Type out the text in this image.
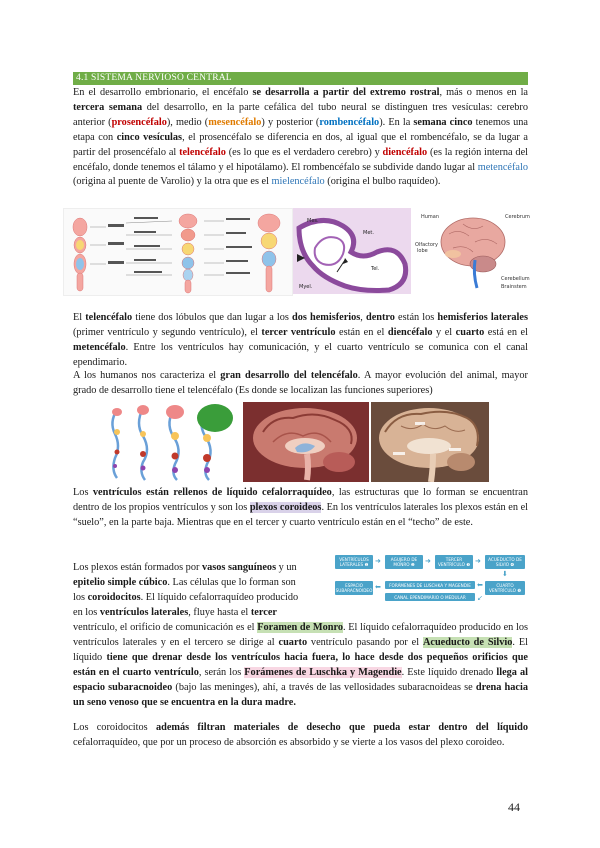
4.1 SISTEMA NERVIOSO CENTRAL

En el desarrollo embrionario, el encéfalo se desarrolla a partir del extremo rostral, más o menos en la tercera semana del desarrollo, en la parte cefálica del tubo neural se distinguen tres vesículas: cerebro anterior (prosencéfalo), medio (mesencéfalo) y posterior (rombencéfalo). En la semana cinco tenemos una etapa con cinco vesículas, el prosencéfalo se diferencia en dos, al igual que el rombencéfalo, se da lugar a partir del prosencéfalo al telencéfalo (es lo que es el verdadero cerebro) y diencéfalo (es la región interna del encéfalo, donde tenemos el tálamo y el hipotálamo). El rombencéfalo se subdivide dando lugar al metencéfalo (origina al puente de Varolio) y la otra que es el mielencéfalo (origina el bulbo raquídeo).

Mes.
Met.
Tel.
Myel.
Human	Cerebrum
Olfactory
lobe
Cerebellum
Brainstem

El telencéfalo tiene dos lóbulos que dan lugar a los dos hemisferios, dentro están los hemisferios laterales (primer ventrículo y segundo ventrículo), el tercer ventrículo están en el diencéfalo y el cuarto está en el metencéfalo. Entre los ventrículos hay comunicación, y el cuarto ventrículo se comunica con el canal ependimario.

A los humanos nos caracteriza el gran desarrollo del telencéfalo. A mayor evolución del animal, mayor grado de desarrollo tiene el telencéfalo (Es donde se localizan las funciones superiores)

Los ventrículos están rellenos de líquido cefalorraquídeo, las estructuras que lo forman se encuentran dentro de los propios ventrículos y son los plexos coroideos. En los ventrículos laterales los plexos están en el “suelo”, en la parte baja. Mientras que en el tercer y cuarto ventrículo están en el “techo” de este.

Los plexos están formados por vasos sanguíneos y un
epitelio simple cúbico. Las células que lo forman son
los coroidocitos. El líquido cefalorraquídeo producido
en los ventrículos laterales, fluye hasta el tercer
VENTRÍCULOS LATERALES ❶ ➜	AGUJERO DE MONRO ❷	➜	TERCER VENTRÍCULO ❸ ➜	ACUEDUCTO DE SILVIO ❹
⬇
ESPACIO SUBARACNOIDEO ⬅	FORÁMENES DE LUSCHKA Y MAGENDIE ⬅	CUARTO VENTRÍCULO ❺
↙
CANAL EPENDIMARIO O MEDULAR

ventrículo, el orificio de comunicación es el Foramen de Monro. El líquido cefalorraquídeo producido en los ventrículos laterales y en el tercero se dirige al cuarto ventrículo pasando por el Acueducto de Silvio. El líquido tiene que drenar desde los ventrículos hacia fuera, lo hace desde dos pequeños orificios que están en el cuarto ventrículo, serán los Forámenes de Luschka y Magendie. Este líquido drenado llega al espacio subaracnoideo (bajo las meninges), ahí, a través de las vellosidades subaracnoideas se drena hacia un seno venoso que se encuentra en la dura madre.

Los coroidocitos además filtran materiales de desecho que pueda estar dentro del líquido cefalorraquídeo, que por un proceso de absorción es absorbido y se vierte a los vasos del plexo coroideo.

44
